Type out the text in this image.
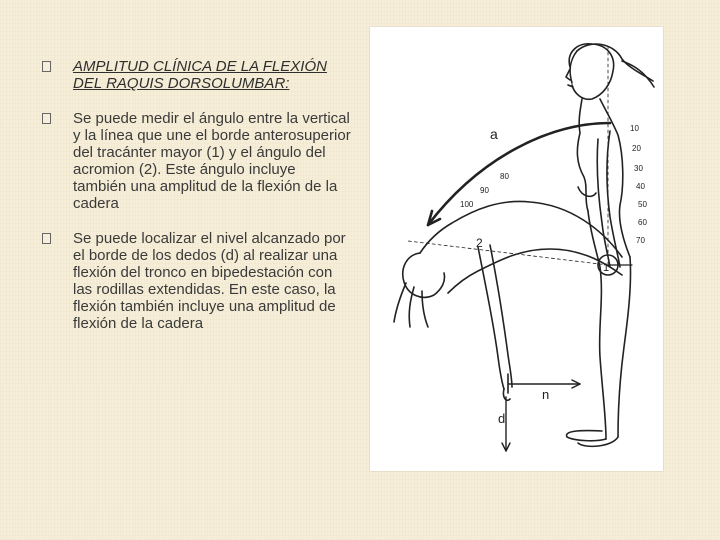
AMPLITUD CLÍNICA DE LA FLEXIÓN DEL RAQUIS DORSOLUMBAR:
Se puede medir el ángulo entre la vertical y la línea que une el borde anterosuperior del tracánter mayor (1) y el ángulo del acromion (2). Este ángulo incluye también una amplitud de la flexión de la cadera
Se puede localizar el nivel alcanzado por el borde de los dedos (d) al realizar una flexión del tronco en bipedestación con las rodillas extendidas. En este caso, la flexión también incluye una amplitud de flexión de la cadera
10
20
30
40
50
60
70
80
90
100
a
1
2
n
d
